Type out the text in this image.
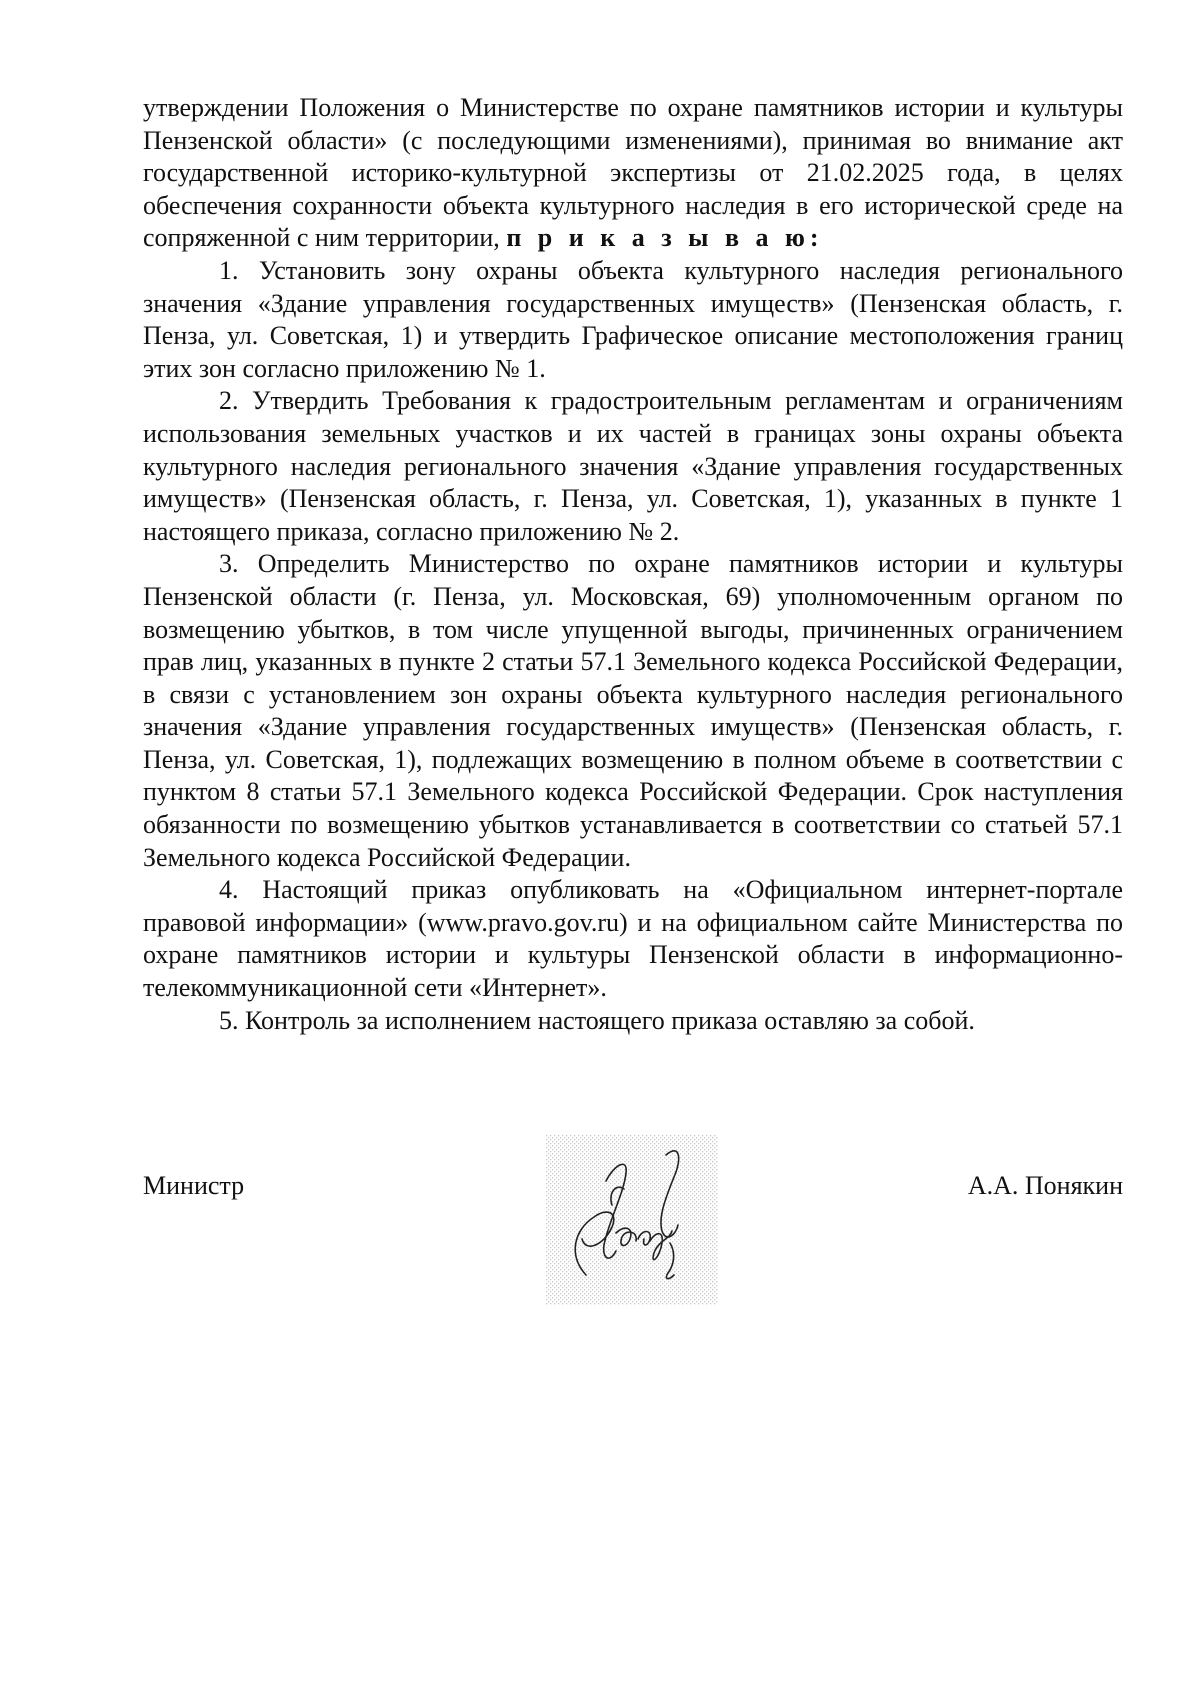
утверждении Положения о Министерстве по охране памятников истории и культуры Пензенской области» (с последующими изменениями), принимая во внимание акт государственной историко-культурной экспертизы от 21.02.2025 года, в целях обеспечения сохранности объекта культурного наследия в его исторической среде на сопряженной с ним территории, п р и к а з ы в а ю:

1. Установить зону охраны объекта культурного наследия регионального значения «Здание управления государственных имуществ» (Пензенская область, г. Пенза, ул. Советская, 1) и утвердить Графическое описание местоположения границ этих зон согласно приложению № 1.

2. Утвердить Требования к градостроительным регламентам и ограничениям использования земельных участков и их частей в границах зоны охраны объекта культурного наследия регионального значения «Здание управления государственных имуществ» (Пензенская область, г. Пенза, ул. Советская, 1), указанных в пункте 1 настоящего приказа, согласно приложению № 2.

3. Определить Министерство по охране памятников истории и культуры Пензенской области (г. Пенза, ул. Московская, 69) уполномоченным органом по возмещению убытков, в том числе упущенной выгоды, причиненных ограничением прав лиц, указанных в пункте 2 статьи 57.1 Земельного кодекса Российской Федерации, в связи с установлением зон охраны объекта культурного наследия регионального значения «Здание управления государственных имуществ» (Пензенская область, г. Пенза, ул. Советская, 1), подлежащих возмещению в полном объеме в соответствии с пунктом 8 статьи 57.1 Земельного кодекса Российской Федерации. Срок наступления обязанности по возмещению убытков устанавливается в соответствии со статьей 57.1 Земельного кодекса Российской Федерации.

4. Настоящий приказ опубликовать на «Официальном интернет-портале правовой информации» (www.pravo.gov.ru) и на официальном сайте Министерства по охране памятников истории и культуры Пензенской области в информационно-телекоммуникационной сети «Интернет».

5. Контроль за исполнением настоящего приказа оставляю за собой.

Министр	А.А. Понякин
